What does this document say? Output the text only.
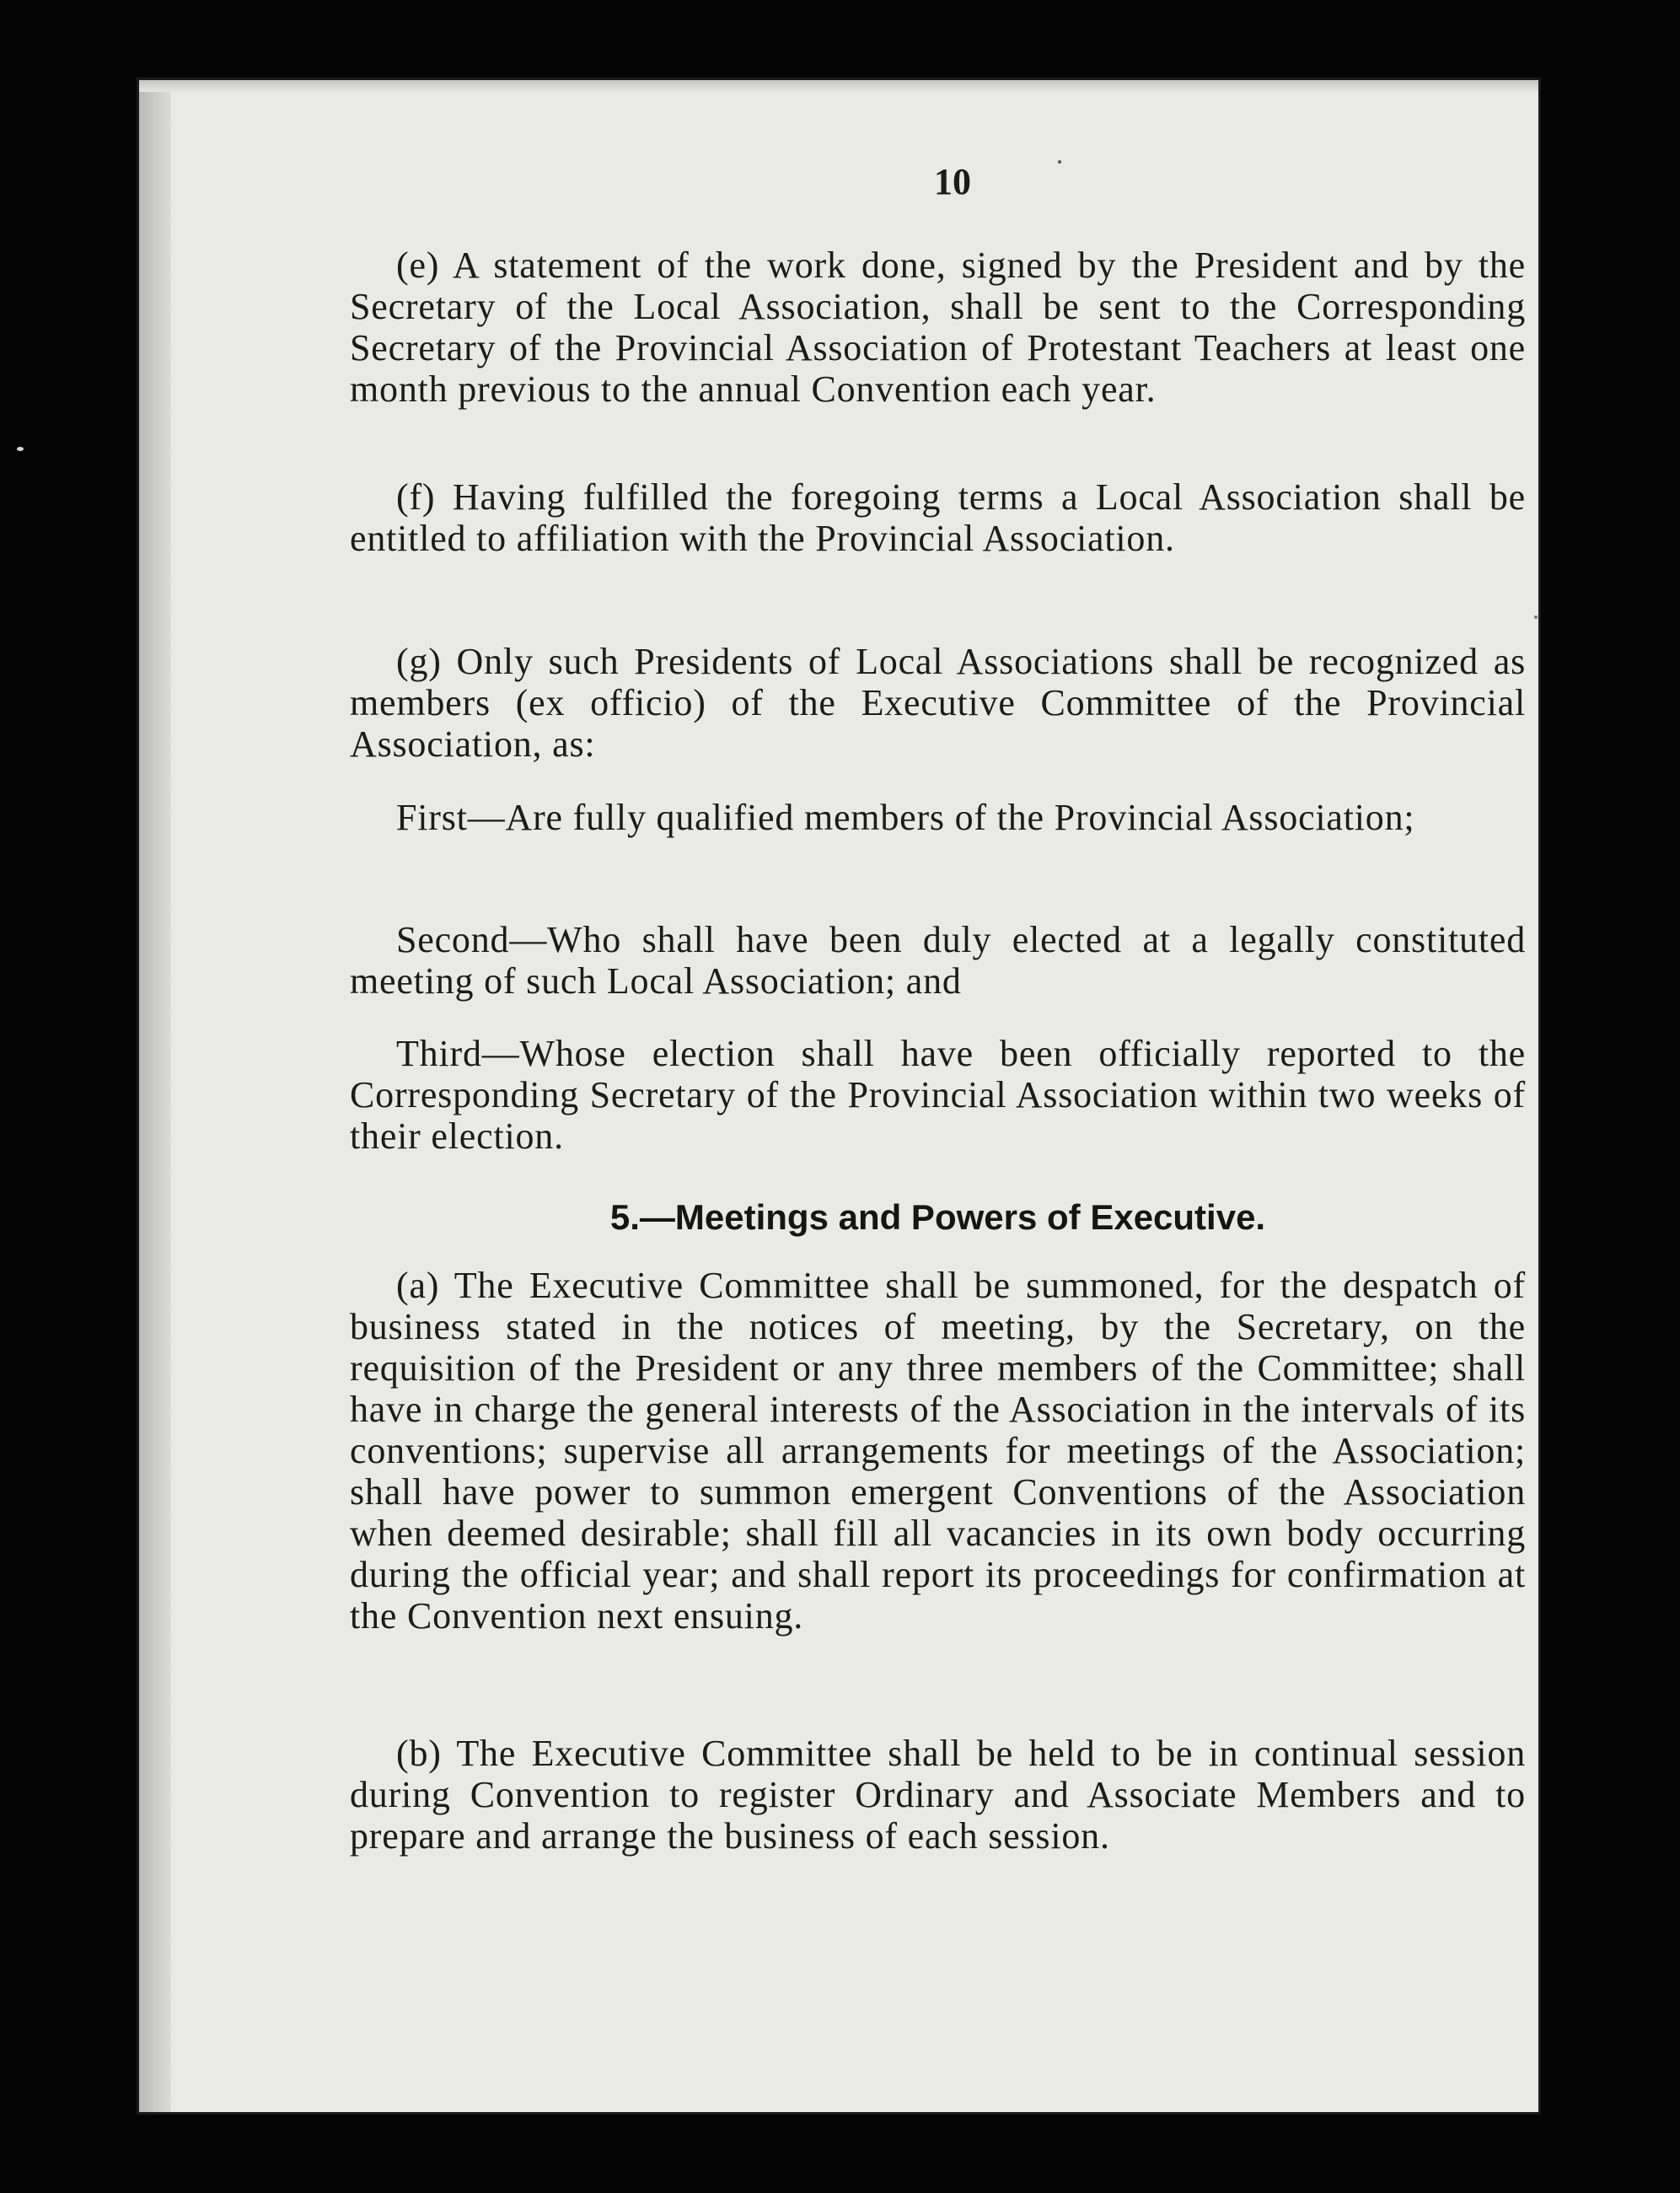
10

(e) A statement of the work done, signed by the President and by the Secretary of the Local Association, shall be sent to the Corresponding Secretary of the Provincial Association of Protestant Teachers at least one month previous to the annual Convention each year.

(f) Having fulfilled the foregoing terms a Local Association shall be entitled to affiliation with the Provincial Association.

(g) Only such Presidents of Local Associations shall be recognized as members (ex officio) of the Executive Committee of the Provincial Association, as:

First—Are fully qualified members of the Provincial Association;

Second—Who shall have been duly elected at a legally constituted meeting of such Local Association; and

Third—Whose election shall have been officially reported to the Corresponding Secretary of the Provincial Association within two weeks of their election.

5.—Meetings and Powers of Executive.

(a) The Executive Committee shall be summoned, for the despatch of business stated in the notices of meeting, by the Secretary, on the requisition of the President or any three members of the Committee; shall have in charge the general interests of the Association in the intervals of its conventions; supervise all arrangements for meetings of the Association; shall have power to summon emergent Conventions of the Association when deemed desirable; shall fill all vacancies in its own body occurring during the official year; and shall report its proceedings for confirmation at the Convention next ensuing.

(b) The Executive Committee shall be held to be in continual session during Convention to register Ordinary and Associate Members and to prepare and arrange the business of each session.
